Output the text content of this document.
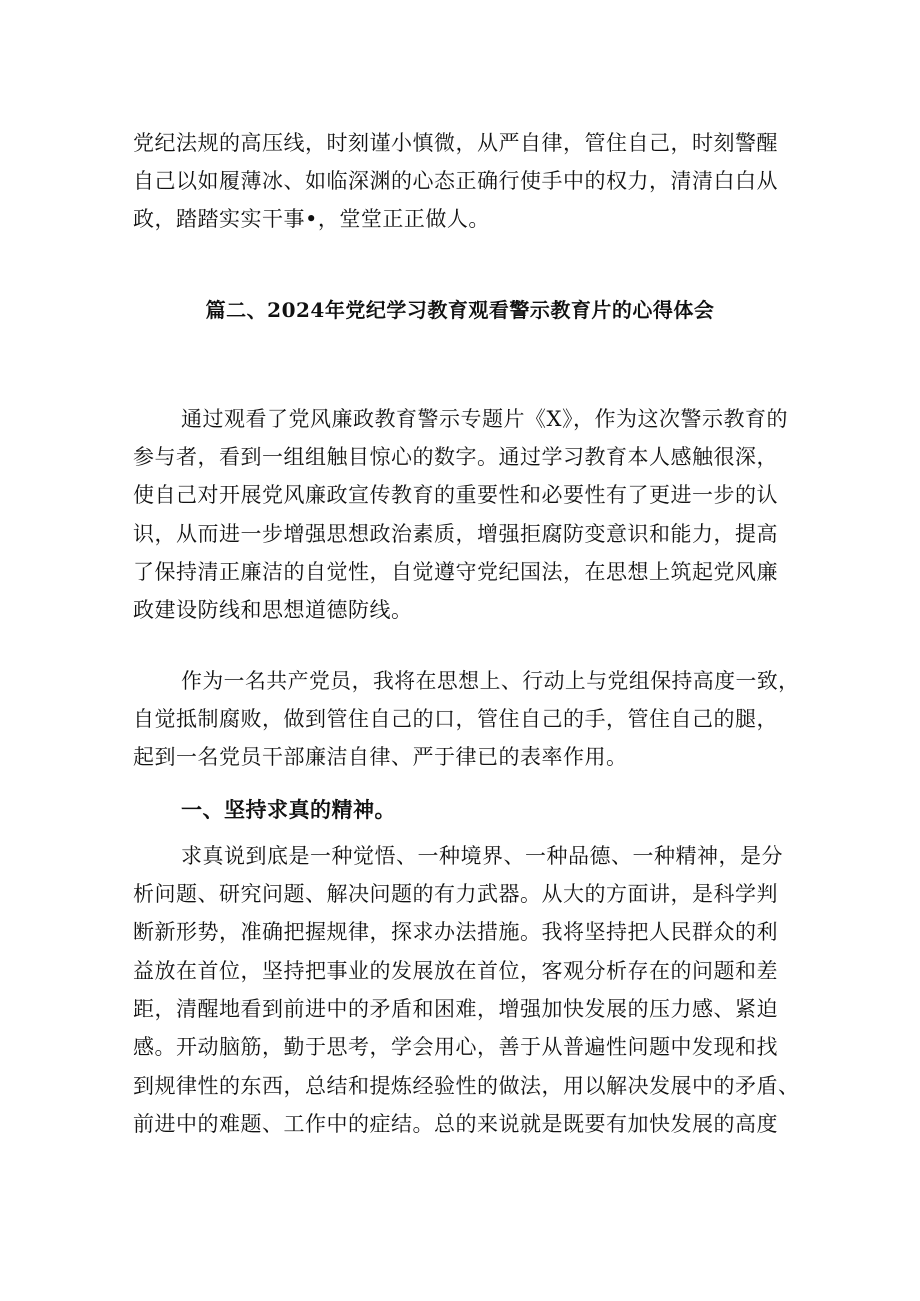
党纪法规的高压线，时刻谨小慎微，从严自律，管住自己，时刻警醒
自己以如履薄冰、如临深渊的心态正确行使手中的权力，清清白白从
政，踏踏实实干事•，堂堂正正做人。
篇二、2024年党纪学习教育观看警示教育片的心得体会
通过观看了党风廉政教育警示专题片《X》，作为这次警示教育的
参与者，看到一组组触目惊心的数字。通过学习教育本人感触很深，
使自己对开展党风廉政宣传教育的重要性和必要性有了更进一步的认
识，从而进一步增强思想政治素质，增强拒腐防变意识和能力，提高
了保持清正廉洁的自觉性，自觉遵守党纪国法，在思想上筑起党风廉
政建设防线和思想道德防线。
作为一名共产党员，我将在思想上、行动上与党组保持高度一致，
自觉抵制腐败，做到管住自己的口，管住自己的手，管住自己的腿，
起到一名党员干部廉洁自律、严于律已的表率作用。
一、坚持求真的精神。
求真说到底是一种觉悟、一种境界、一种品德、一种精神，是分
析问题、研究问题、解决问题的有力武器。从大的方面讲，是科学判
断新形势，准确把握规律，探求办法措施。我将坚持把人民群众的利
益放在首位，坚持把事业的发展放在首位，客观分析存在的问题和差
距，清醒地看到前进中的矛盾和困难，增强加快发展的压力感、紧迫
感。开动脑筋，勤于思考，学会用心，善于从普遍性问题中发现和找
到规律性的东西，总结和提炼经验性的做法，用以解决发展中的矛盾、
前进中的难题、工作中的症结。总的来说就是既要有加快发展的高度
